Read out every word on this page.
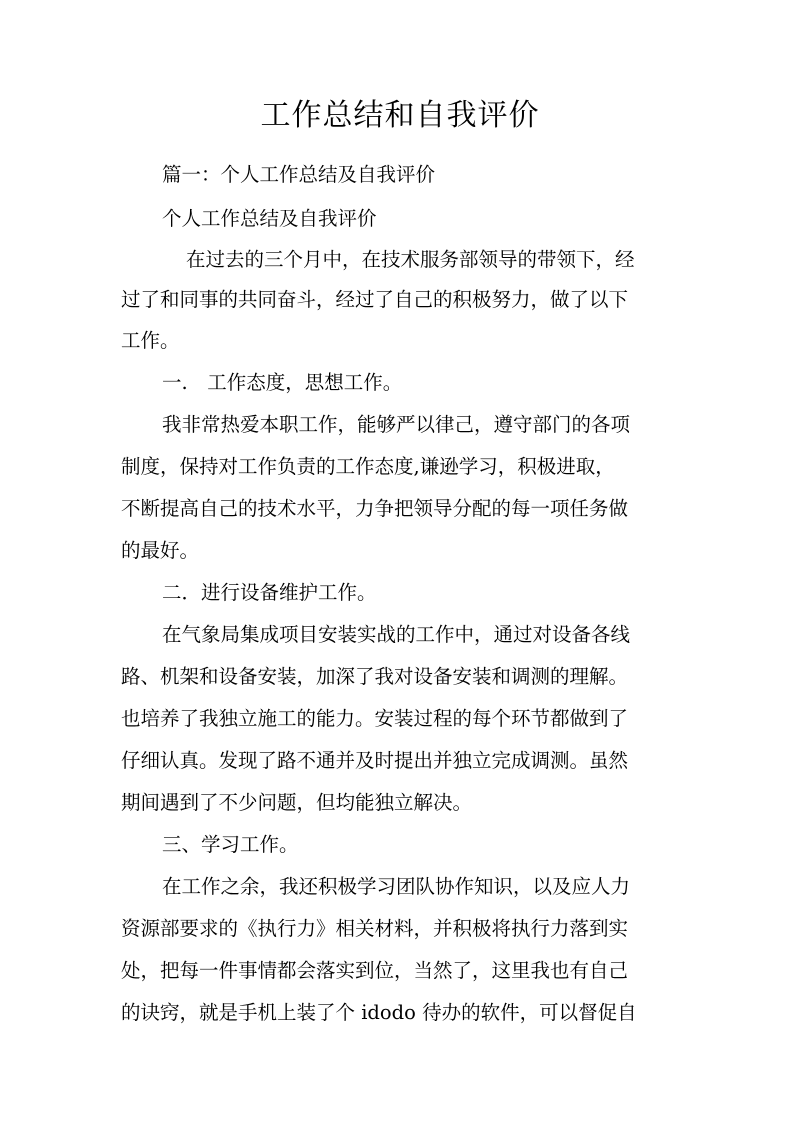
工作总结和自我评价
篇一：个人工作总结及自我评价
个人工作总结及自我评价
在过去的三个月中，在技术服务部领导的带领下，经
过了和同事的共同奋斗，经过了自己的积极努力，做了以下
工作。
一.　工作态度，思想工作。
我非常热爱本职工作，能够严以律己，遵守部门的各项
制度，保持对工作负责的工作态度,谦逊学习，积极进取，
不断提高自己的技术水平，力争把领导分配的每一项任务做
的最好。
二．进行设备维护工作。
在气象局集成项目安装实战的工作中，通过对设备各线
路、机架和设备安装，加深了我对设备安装和调测的理解。
也培养了我独立施工的能力。安装过程的每个环节都做到了
仔细认真。发现了路不通并及时提出并独立完成调测。虽然
期间遇到了不少问题，但均能独立解决。
三、学习工作。
在工作之余，我还积极学习团队协作知识，以及应人力
资源部要求的《执行力》相关材料，并积极将执行力落到实
处，把每一件事情都会落实到位，当然了，这里我也有自己
的诀窍，就是手机上装了个 idodo 待办的软件，可以督促自
